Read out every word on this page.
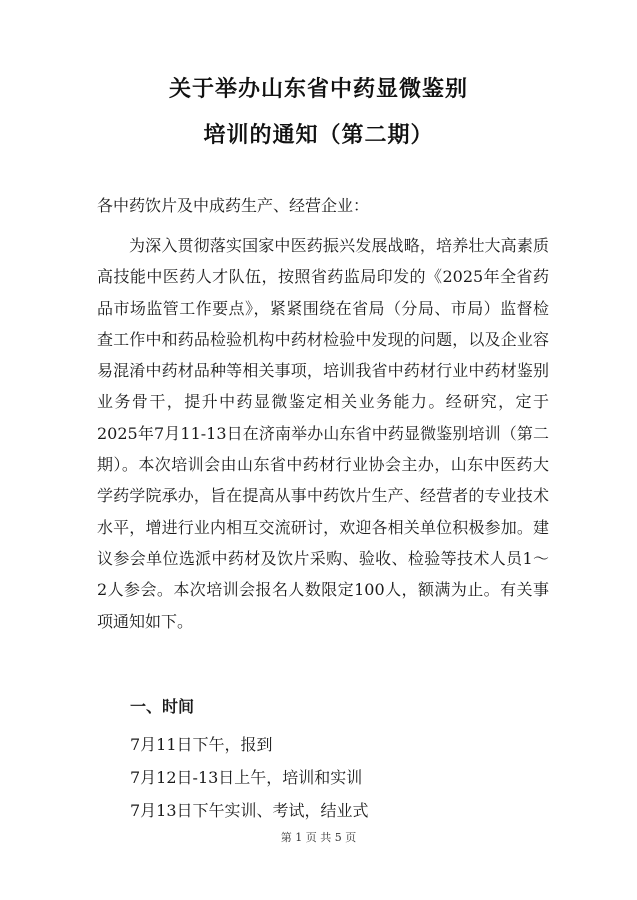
关于举办山东省中药显微鉴别
培训的通知（第二期）
各中药饮片及中成药生产、经营企业：

为深入贯彻落实国家中医药振兴发展战略，培养壮大高素质高技能中医药人才队伍，按照省药监局印发的《2025年全省药品市场监管工作要点》，紧紧围绕在省局（分局、市局）监督检查工作中和药品检验机构中药材检验中发现的问题，以及企业容易混淆中药材品种等相关事项，培训我省中药材行业中药材鉴别业务骨干，提升中药显微鉴定相关业务能力。经研究，定于2025年7月11-13日在济南举办山东省中药显微鉴别培训（第二期）。本次培训会由山东省中药材行业协会主办，山东中医药大学药学院承办，旨在提高从事中药饮片生产、经营者的专业技术水平，增进行业内相互交流研讨，欢迎各相关单位积极参加。建议参会单位选派中药材及饮片采购、验收、检验等技术人员1～2人参会。本次培训会报名人数限定100人，额满为止。有关事项通知如下。

一、时间
7月11日下午，报到
7月12日-13日上午，培训和实训
7月13日下午实训、考试，结业式
第 1 页 共 5 页
